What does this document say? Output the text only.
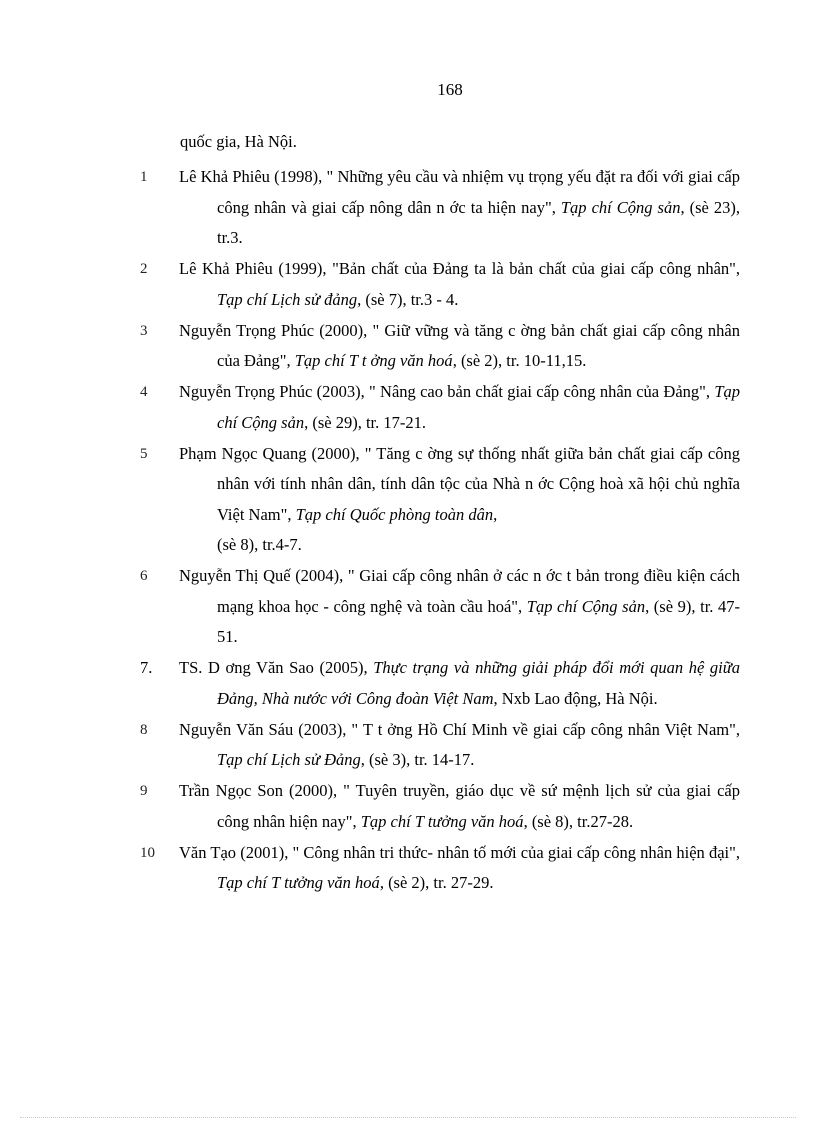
168
quốc gia, Hà Nội.

1 Lê Khả Phiêu (1998), " Những yêu cầu và nhiệm vụ trọng yếu đặt ra đối với giai cấp công nhân và giai cấp nông dân n ớc ta hiện nay", Tạp chí Cộng sản, (sè 23), tr.3.

2 Lê Khả Phiêu (1999), "Bản chất của Đảng ta là bản chất của giai cấp công nhân", Tạp chí Lịch sử đảng, (sè 7), tr.3 - 4.

3 Nguyễn Trọng Phúc (2000), " Giữ vững và tăng c ờng bản chất giai cấp công nhân của Đảng", Tạp chí T t ởng văn hoá, (sè 2), tr. 10-11,15.

4 Nguyễn Trọng Phúc (2003), " Nâng cao bản chất giai cấp công nhân của Đảng", Tạp chí Cộng sản, (sè 29), tr. 17-21.

5 Phạm Ngọc Quang (2000), " Tăng c ờng sự thống nhất giữa bản chất giai cấp công nhân với tính nhân dân, tính dân tộc của Nhà n ớc Cộng hoà xã hội chủ nghĩa Việt Nam", Tạp chí Quốc phòng toàn dân,
(sè 8), tr.4-7.

6 Nguyễn Thị Quế (2004), " Giai cấp công nhân ở các n ớc t bản trong điều kiện cách mạng khoa học - công nghệ và toàn cầu hoá", Tạp chí Cộng sản, (sè 9), tr. 47-51.

7. TS. D ơng Văn Sao (2005), Thực trạng và những giải pháp đổi mới quan hệ giữa Đảng, Nhà nước với Công đoàn Việt Nam, Nxb Lao động, Hà Nội.

8 Nguyễn Văn Sáu (2003), " T t ởng Hồ Chí Minh về giai cấp công nhân Việt Nam", Tạp chí Lịch sử Đảng, (sè 3), tr. 14-17.

9 Trần Ngọc Son (2000), " Tuyên truyền, giáo dục về sứ mệnh lịch sử của giai cấp công nhân hiện nay", Tạp chí T tưởng văn hoá, (sè 8), tr.27-28.

10 Văn Tạo (2001), " Công nhân tri thức- nhân tố mới của giai cấp công nhân hiện đại", Tạp chí T tưởng văn hoá, (sè 2), tr. 27-29.
